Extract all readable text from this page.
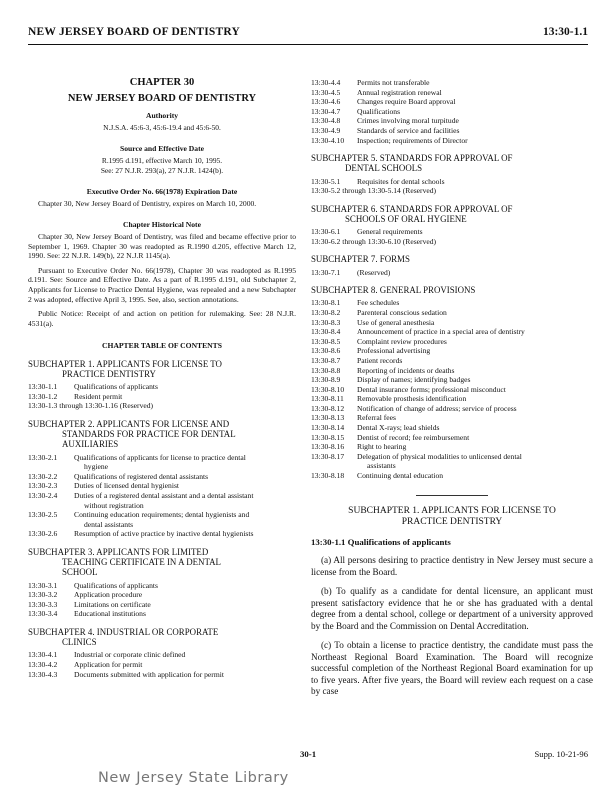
NEW JERSEY BOARD OF DENTISTRY	13:30-1.1
CHAPTER 30
NEW JERSEY BOARD OF DENTISTRY
Authority
N.J.S.A. 45:6-3, 45:6-19.4 and 45:6-50.
Source and Effective Date
R.1995 d.191, effective March 10, 1995.
See: 27 N.J.R. 293(a), 27 N.J.R. 1424(b).
Executive Order No. 66(1978) Expiration Date

Chapter 30, New Jersey Board of Dentistry, expires on March 10, 2000.

Chapter Historical Note

Chapter 30, New Jersey Board of Dentistry, was filed and became effective prior to September 1, 1969. Chapter 30 was readopted as R.1990 d.205, effective March 12, 1990. See: 22 N.J.R. 149(b), 22 N.J.R 1145(a).

Pursuant to Executive Order No. 66(1978), Chapter 30 was readopted as R.1995 d.191. See: Source and Effective Date. As a part of R.1995 d.191, old Subchapter 2, Applicants for License to Practice Dental Hygiene, was repealed and a new Subchapter 2 was adopted, effective April 3, 1995. See, also, section annotations.

Public Notice: Receipt of and action on petition for rulemaking. See: 28 N.J.R. 4531(a).

CHAPTER TABLE OF CONTENTS
SUBCHAPTER 1. APPLICANTS FOR LICENSE TO
PRACTICE DENTISTRY
13:30-1.1	Qualifications of applicants
13:30-1.2	Resident permit
13:30-1.3 through 13:30-1.16 (Reserved)
SUBCHAPTER 2. APPLICANTS FOR LICENSE AND
STANDARDS FOR PRACTICE FOR DENTAL
AUXILIARIES
13:30-2.1	Qualifications of applicants for license to practice dental
hygiene
13:30-2.2	Qualifications of registered dental assistants
13:30-2.3	Duties of licensed dental hygienist
13:30-2.4	Duties of a registered dental assistant and a dental assistant
without registration
13:30-2.5	Continuing education requirements; dental hygienists and
dental assistants
13:30-2.6	Resumption of active practice by inactive dental hygienists
SUBCHAPTER 3. APPLICANTS FOR LIMITED
TEACHING CERTIFICATE IN A DENTAL
SCHOOL
13:30-3.1	Qualifications of applicants
13:30-3.2	Application procedure
13:30-3.3	Limitations on certificate
13:30-3.4	Educational institutions
SUBCHAPTER 4. INDUSTRIAL OR CORPORATE
CLINICS
13:30-4.1	Industrial or corporate clinic defined
13:30-4.2	Application for permit
13:30-4.3	Documents submitted with application for permit
13:30-4.4	Permits not transferable
13:30-4.5	Annual registration renewal
13:30-4.6	Changes require Board approval
13:30-4.7	Qualifications
13:30-4.8	Crimes involving moral turpitude
13:30-4.9	Standards of service and facilities
13:30-4.10	Inspection; requirements of Director
SUBCHAPTER 5. STANDARDS FOR APPROVAL OF
DENTAL SCHOOLS
13:30-5.1	Requisites for dental schools
13:30-5.2 through 13:30-5.14 (Reserved)
SUBCHAPTER 6. STANDARDS FOR APPROVAL OF
SCHOOLS OF ORAL HYGIENE
13:30-6.1	General requirements
13:30-6.2 through 13:30-6.10 (Reserved)
SUBCHAPTER 7. FORMS
13:30-7.1	(Reserved)
SUBCHAPTER 8. GENERAL PROVISIONS
13:30-8.1	Fee schedules
13:30-8.2	Parenteral conscious sedation
13:30-8.3	Use of general anesthesia
13:30-8.4	Announcement of practice in a special area of dentistry
13:30-8.5	Complaint review procedures
13:30-8.6	Professional advertising
13:30-8.7	Patient records
13:30-8.8	Reporting of incidents or deaths
13:30-8.9	Display of names; identifying badges
13:30-8.10	Dental insurance forms; professional misconduct
13:30-8.11	Removable prosthesis identification
13:30-8.12	Notification of change of address; service of process
13:30-8.13	Referral fees
13:30-8.14	Dental X-rays; lead shields
13:30-8.15	Dentist of record; fee reimbursement
13:30-8.16	Right to hearing
13:30-8.17	Delegation of physical modalities to unlicensed dental
assistants
13:30-8.18	Continuing dental education
SUBCHAPTER 1. APPLICANTS FOR LICENSE TO
PRACTICE DENTISTRY
13:30-1.1 Qualifications of applicants

(a) All persons desiring to practice dentistry in New Jersey must secure a license from the Board.

(b) To qualify as a candidate for dental licensure, an applicant must present satisfactory evidence that he or she has graduated with a dental degree from a dental school, college or department of a university approved by the Board and the Commission on Dental Accreditation.

(c) To obtain a license to practice dentistry, the candidate must pass the Northeast Regional Board Examination. The Board will recognize successful completion of the Northeast Regional Board examination for up to five years. After five years, the Board will review each request on a case by case

30-1	Supp. 10-21-96
New Jersey State Library
